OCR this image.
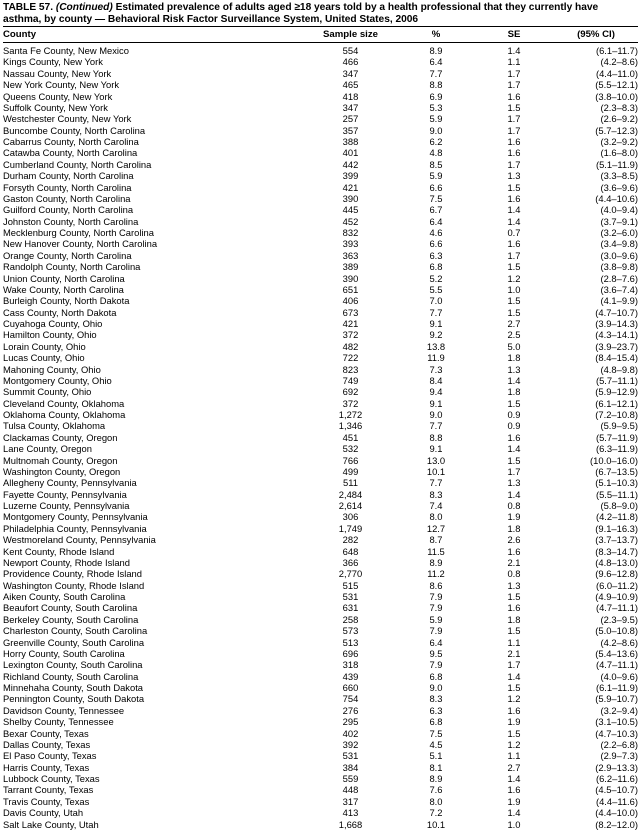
TABLE 57. (Continued) Estimated prevalence of adults aged ≥18 years told by a health professional that they currently have asthma, by county — Behavioral Risk Factor Surveillance System, United States, 2006
County	Sample size	%	SE	(95% CI)
Santa Fe County, New Mexico	554	8.9	1.4	(6.1–11.7)
Kings County, New York	466	6.4	1.1	(4.2–8.6)
Nassau County, New York	347	7.7	1.7	(4.4–11.0)
New York County, New York	465	8.8	1.7	(5.5–12.1)
Queens County, New York	418	6.9	1.6	(3.8–10.0)
Suffolk County, New York	347	5.3	1.5	(2.3–8.3)
Westchester County, New York	257	5.9	1.7	(2.6–9.2)
Buncombe County, North Carolina	357	9.0	1.7	(5.7–12.3)
Cabarrus County, North Carolina	388	6.2	1.6	(3.2–9.2)
Catawba County, North Carolina	401	4.8	1.6	(1.6–8.0)
Cumberland County, North Carolina	442	8.5	1.7	(5.1–11.9)
Durham County, North Carolina	399	5.9	1.3	(3.3–8.5)
Forsyth County, North Carolina	421	6.6	1.5	(3.6–9.6)
Gaston County, North Carolina	390	7.5	1.6	(4.4–10.6)
Guilford County, North Carolina	445	6.7	1.4	(4.0–9.4)
Johnston County, North Carolina	452	6.4	1.4	(3.7–9.1)
Mecklenburg County, North Carolina	832	4.6	0.7	(3.2–6.0)
New Hanover County, North Carolina	393	6.6	1.6	(3.4–9.8)
Orange County, North Carolina	363	6.3	1.7	(3.0–9.6)
Randolph County, North Carolina	389	6.8	1.5	(3.8–9.8)
Union County, North Carolina	390	5.2	1.2	(2.8–7.6)
Wake County, North Carolina	651	5.5	1.0	(3.6–7.4)
Burleigh County, North Dakota	406	7.0	1.5	(4.1–9.9)
Cass County, North Dakota	673	7.7	1.5	(4.7–10.7)
Cuyahoga County, Ohio	421	9.1	2.7	(3.9–14.3)
Hamilton County, Ohio	372	9.2	2.5	(4.3–14.1)
Lorain County, Ohio	482	13.8	5.0	(3.9–23.7)
Lucas County, Ohio	722	11.9	1.8	(8.4–15.4)
Mahoning County, Ohio	823	7.3	1.3	(4.8–9.8)
Montgomery County, Ohio	749	8.4	1.4	(5.7–11.1)
Summit County, Ohio	692	9.4	1.8	(5.9–12.9)
Cleveland County, Oklahoma	372	9.1	1.5	(6.1–12.1)
Oklahoma County, Oklahoma	1,272	9.0	0.9	(7.2–10.8)
Tulsa County, Oklahoma	1,346	7.7	0.9	(5.9–9.5)
Clackamas County, Oregon	451	8.8	1.6	(5.7–11.9)
Lane County, Oregon	532	9.1	1.4	(6.3–11.9)
Multnomah County, Oregon	766	13.0	1.5	(10.0–16.0)
Washington County, Oregon	499	10.1	1.7	(6.7–13.5)
Allegheny County, Pennsylvania	511	7.7	1.3	(5.1–10.3)
Fayette County, Pennsylvania	2,484	8.3	1.4	(5.5–11.1)
Luzerne County, Pennsylvania	2,614	7.4	0.8	(5.8–9.0)
Montgomery County, Pennsylvania	306	8.0	1.9	(4.2–11.8)
Philadelphia County, Pennsylvania	1,749	12.7	1.8	(9.1–16.3)
Westmoreland County, Pennsylvania	282	8.7	2.6	(3.7–13.7)
Kent County, Rhode Island	648	11.5	1.6	(8.3–14.7)
Newport County, Rhode Island	366	8.9	2.1	(4.8–13.0)
Providence County, Rhode Island	2,770	11.2	0.8	(9.6–12.8)
Washington County, Rhode Island	515	8.6	1.3	(6.0–11.2)
Aiken County, South Carolina	531	7.9	1.5	(4.9–10.9)
Beaufort County, South Carolina	631	7.9	1.6	(4.7–11.1)
Berkeley County, South Carolina	258	5.9	1.8	(2.3–9.5)
Charleston County, South Carolina	573	7.9	1.5	(5.0–10.8)
Greenville County, South Carolina	513	6.4	1.1	(4.2–8.6)
Horry County, South Carolina	696	9.5	2.1	(5.4–13.6)
Lexington County, South Carolina	318	7.9	1.7	(4.7–11.1)
Richland County, South Carolina	439	6.8	1.4	(4.0–9.6)
Minnehaha County, South Dakota	660	9.0	1.5	(6.1–11.9)
Pennington County, South Dakota	754	8.3	1.2	(5.9–10.7)
Davidson County, Tennessee	276	6.3	1.6	(3.2–9.4)
Shelby County, Tennessee	295	6.8	1.9	(3.1–10.5)
Bexar County, Texas	402	7.5	1.5	(4.7–10.3)
Dallas County, Texas	392	4.5	1.2	(2.2–6.8)
El Paso County, Texas	531	5.1	1.1	(2.9–7.3)
Harris County, Texas	384	8.1	2.7	(2.9–13.3)
Lubbock County, Texas	559	8.9	1.4	(6.2–11.6)
Tarrant County, Texas	448	7.6	1.6	(4.5–10.7)
Travis County, Texas	317	8.0	1.9	(4.4–11.6)
Davis County, Utah	413	7.2	1.4	(4.4–10.0)
Salt Lake County, Utah	1,668	10.1	1.0	(8.2–12.0)
